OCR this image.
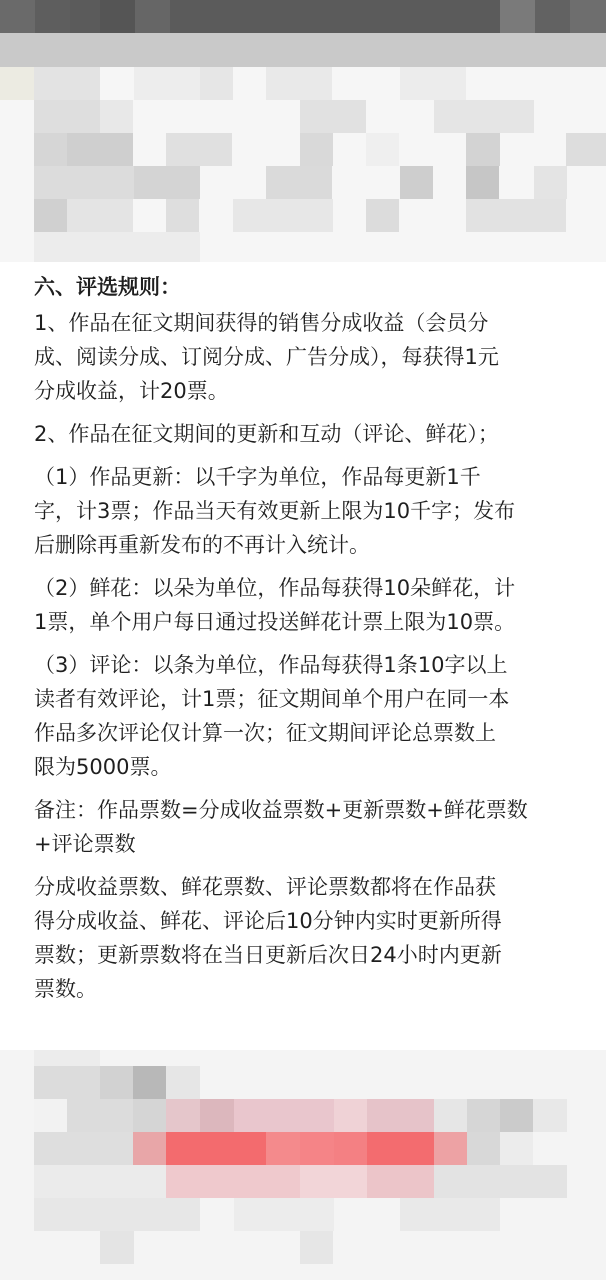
六、评选规则：

1、作品在征文期间获得的销售分成收益（会员分
成、阅读分成、订阅分成、广告分成），每获得1元
分成收益，计20票。

2、作品在征文期间的更新和互动（评论、鲜花）；

（1）作品更新：以千字为单位，作品每更新1千
字，计3票；作品当天有效更新上限为10千字；发布
后删除再重新发布的不再计入统计。

（2）鲜花：以朵为单位，作品每获得10朵鲜花，计
1票，单个用户每日通过投送鲜花计票上限为10票。

（3）评论：以条为单位，作品每获得1条10字以上
读者有效评论，计1票；征文期间单个用户在同一本
作品多次评论仅计算一次；征文期间评论总票数上
限为5000票。

备注：作品票数=分成收益票数+更新票数+鲜花票数
+评论票数

分成收益票数、鲜花票数、评论票数都将在作品获
得分成收益、鲜花、评论后10分钟内实时更新所得
票数；更新票数将在当日更新后次日24小时内更新
票数。
